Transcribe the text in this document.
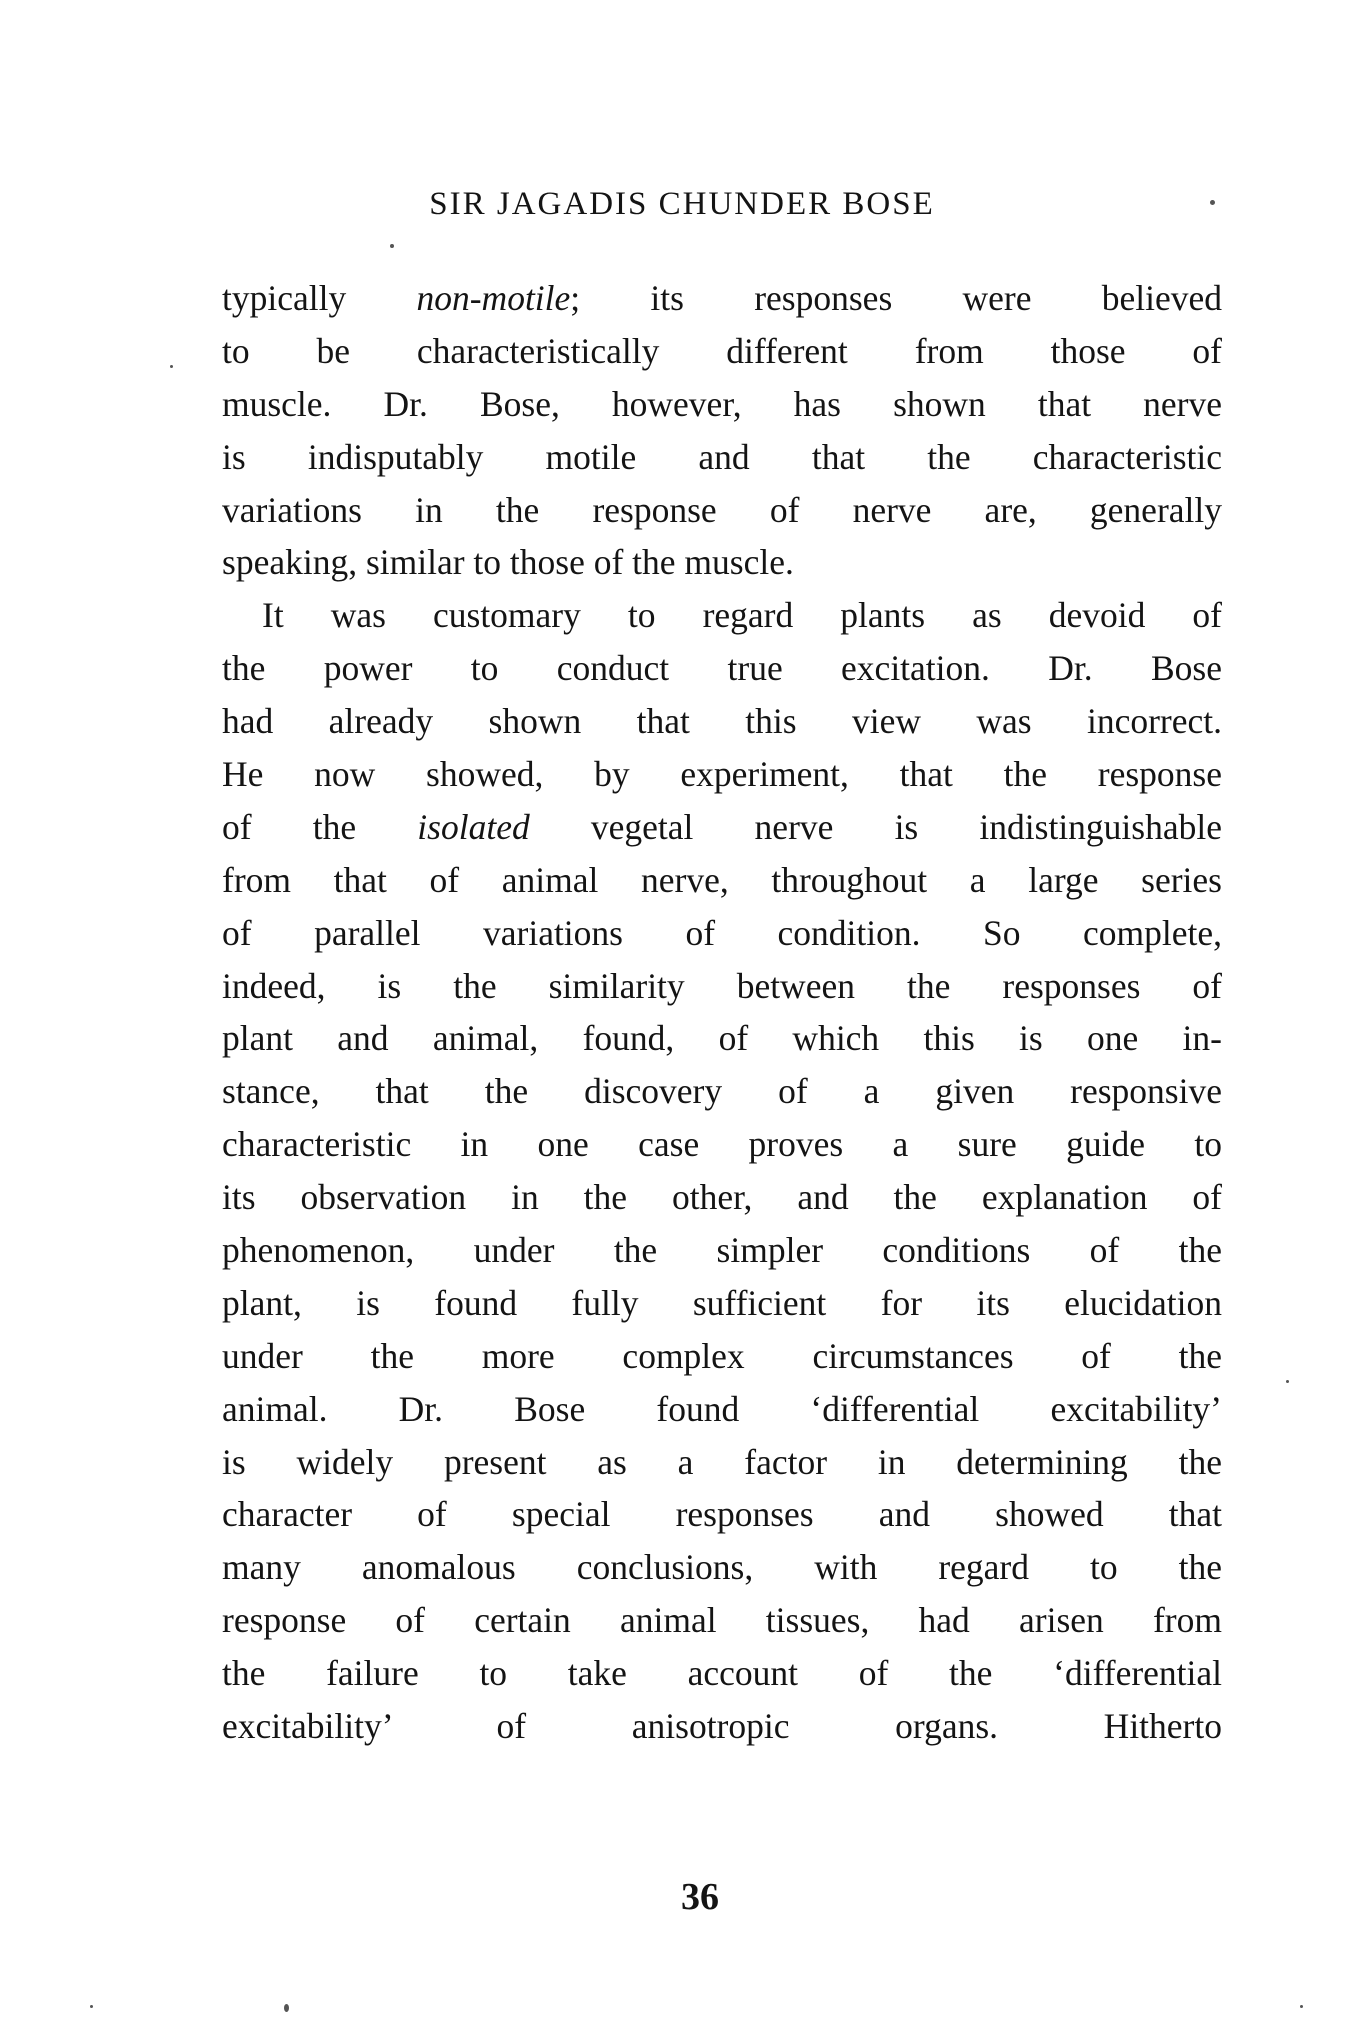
SIR JAGADIS CHUNDER BOSE
typically non-motile; its responses were believed
to be characteristically different from those of
muscle. Dr. Bose, however, has shown that nerve
is indisputably motile and that the characteristic
variations in the response of nerve are, generally
speaking, similar to those of the muscle.
It was customary to regard plants as devoid of
the power to conduct true excitation. Dr. Bose
had already shown that this view was incorrect.
He now showed, by experiment, that the response
of the isolated vegetal nerve is indistinguishable
from that of animal nerve, throughout a large series
of parallel variations of condition. So complete,
indeed, is the similarity between the responses of
plant and animal, found, of which this is one in-
stance, that the discovery of a given responsive
characteristic in one case proves a sure guide to
its observation in the other, and the explanation of
phenomenon, under the simpler conditions of the
plant, is found fully sufficient for its elucidation
under the more complex circumstances of the
animal. Dr. Bose found ‘differential excitability’
is widely present as a factor in determining the
character of special responses and showed that
many anomalous conclusions, with regard to the
response of certain animal tissues, had arisen from
the failure to take account of the ‘differential
excitability’ of anisotropic organs. Hitherto
36
